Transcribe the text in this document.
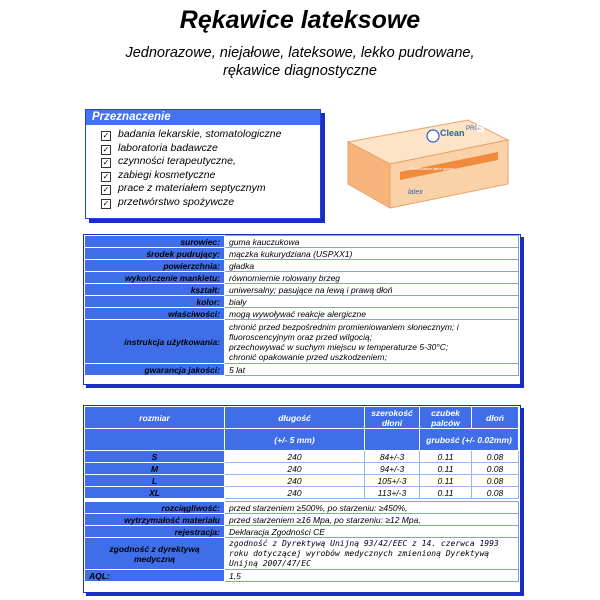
Rękawice lateksowe
Jednorazowe, niejałowe, lateksowe, lekko pudrowane,
rękawice diagnostyczne
Przeznaczenie
✓ badania lekarskie, stomatologiczne
✓ laboratoria badawcze
✓ czynności terapeutyczne,
✓ zabiegi kosmetyczne
✓ prace z materiałem septycznym
✓ przetwórstwo spożywcze
Clean PRO
S
latex
Examination latex gloves
surowiec:	guma kauczukowa
środek pudrujący:	mączka kukurydziana (USPXX1)
powierzchnia:	gładka
wykończenie mankietu:	równomiernie rolowany brzeg
kształt:	uniwersalny; pasujące na lewą i prawą dłoń
kolor:	biały
właściwości:	mogą wywoływać reakcje alergiczne
instrukcja użytkowania:	chronić przed bezpośrednim promieniowaniem słonecznym; i fluoroscencyjnym oraz przed wilgocią;
przechowywać w suchym miejscu w temperaturze 5-30°C;
chronić opakowanie przed uszkodzeniem;

gwarancja jakości:	5 lat
rozmiar	długość	szerokość dłoni	czubek palców	dłoń
	(+/- 5 mm)		grubość (+/- 0.02mm)	
S	240	84+/-3	0.11	0.08
M	240	94+/-3	0.11	0.08
L	240	105+/-3	0.11	0.08
XL	240	113+/-3	0.11	0.08

rozciągliwość:	przed starzeniem ≥500%, po starzeniu: ≥450%,			
wytrzymałość materiału	przed starzeniem ≥16 Mpa, po starzeniu: ≥12 Mpa,			
rejestracja:	Deklaracja Zgodności CE			
zgodność z dyrektywą medyczną	zgodność z Dyrektywą Unijną 93/42/EEC z 14. czerwca 1993 roku dotyczącej wyrobów medycznych zmienioną Dyrektywą Unijną 2007/47/EC			
AQL:	1,5			
